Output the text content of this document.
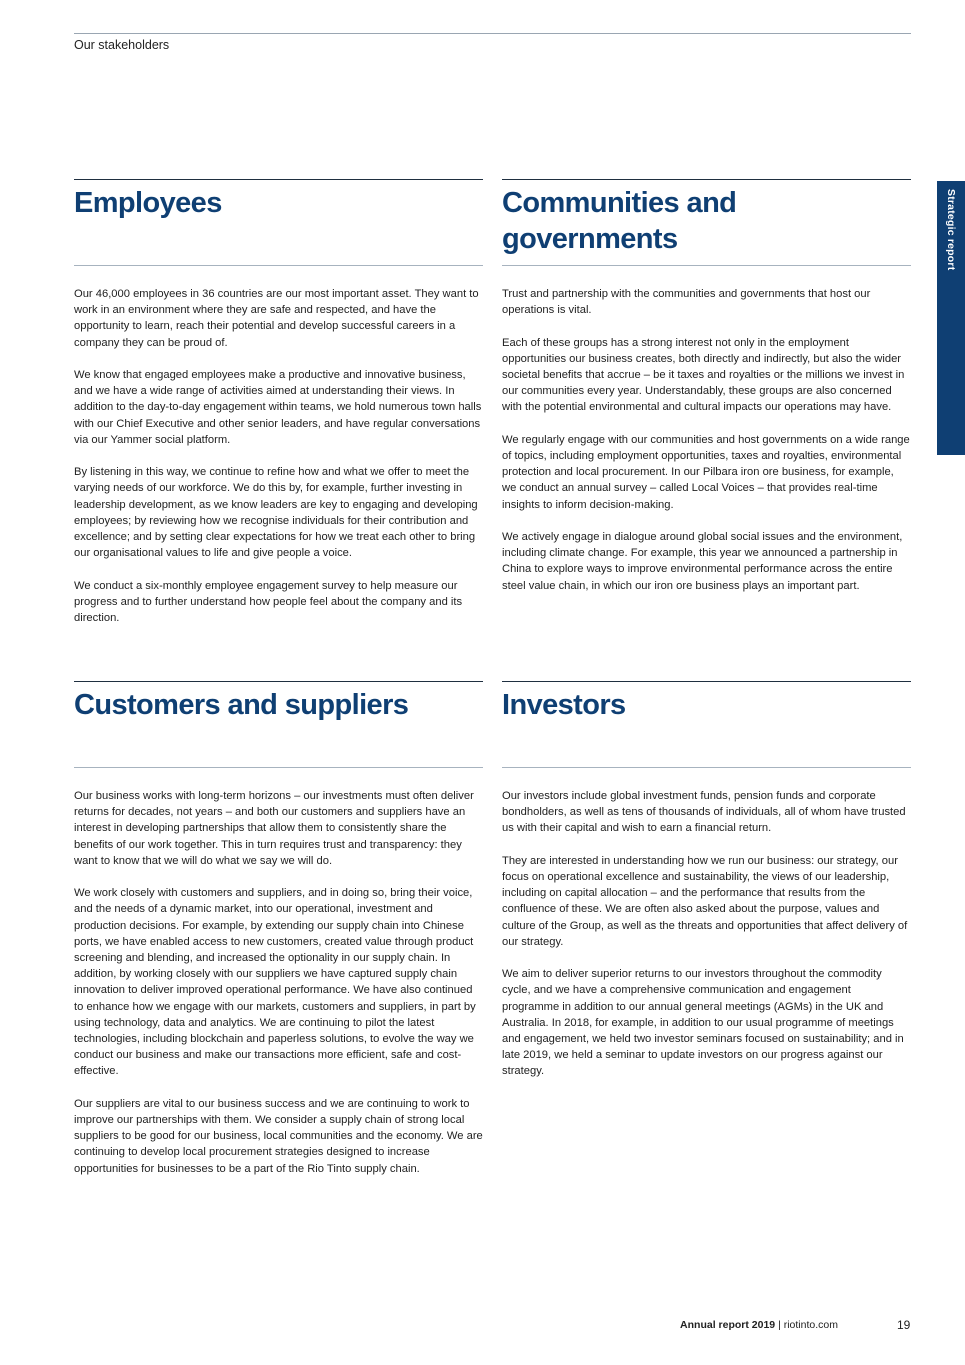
Our stakeholders
Strategic report
Employees

Our 46,000 employees in 36 countries are our most important asset. They want to work in an environment where they are safe and respected, and have the opportunity to learn, reach their potential and develop successful careers in a company they can be proud of.

We know that engaged employees make a productive and innovative business, and we have a wide range of activities aimed at understanding their views. In addition to the day-to-day engagement within teams, we hold numerous town halls with our Chief Executive and other senior leaders, and have regular conversations via our Yammer social platform.

By listening in this way, we continue to refine how and what we offer to meet the varying needs of our workforce. We do this by, for example, further investing in leadership development, as we know leaders are key to engaging and developing employees; by reviewing how we recognise individuals for their contribution and excellence; and by setting clear expectations for how we treat each other to bring our organisational values to life and give people a voice.

We conduct a six-monthly employee engagement survey to help measure our progress and to further understand how people feel about the company and its direction.

Communities and governments

Trust and partnership with the communities and governments that host our operations is vital.

Each of these groups has a strong interest not only in the employment opportunities our business creates, both directly and indirectly, but also the wider societal benefits that accrue – be it taxes and royalties or the millions we invest in our communities every year. Understandably, these groups are also concerned with the potential environmental and cultural impacts our operations may have.

We regularly engage with our communities and host governments on a wide range of topics, including employment opportunities, taxes and royalties, environmental protection and local procurement. In our Pilbara iron ore business, for example, we conduct an annual survey – called Local Voices – that provides real-time insights to inform decision-making.

We actively engage in dialogue around global social issues and the environment, including climate change. For example, this year we announced a partnership in China to explore ways to improve environmental performance across the entire steel value chain, in which our iron ore business plays an important part.

Customers and suppliers

Our business works with long-term horizons – our investments must often deliver returns for decades, not years – and both our customers and suppliers have an interest in developing partnerships that allow them to consistently share the benefits of our work together. This in turn requires trust and transparency: they want to know that we will do what we say we will do.

We work closely with customers and suppliers, and in doing so, bring their voice, and the needs of a dynamic market, into our operational, investment and production decisions. For example, by extending our supply chain into Chinese ports, we have enabled access to new customers, created value through product screening and blending, and increased the optionality in our supply chain. In addition, by working closely with our suppliers we have captured supply chain innovation to deliver improved operational performance. We have also continued to enhance how we engage with our markets, customers and suppliers, in part by using technology, data and analytics. We are continuing to pilot the latest technologies, including blockchain and paperless solutions, to evolve the way we conduct our business and make our transactions more efficient, safe and cost-effective.

Our suppliers are vital to our business success and we are continuing to work to improve our partnerships with them. We consider a supply chain of strong local suppliers to be good for our business, local communities and the economy. We are continuing to develop local procurement strategies designed to increase opportunities for businesses to be a part of the Rio Tinto supply chain.

Investors

Our investors include global investment funds, pension funds and corporate bondholders, as well as tens of thousands of individuals, all of whom have trusted us with their capital and wish to earn a financial return.

They are interested in understanding how we run our business: our strategy, our focus on operational excellence and sustainability, the views of our leadership, including on capital allocation – and the performance that results from the confluence of these. We are often also asked about the purpose, values and culture of the Group, as well as the threats and opportunities that affect delivery of our strategy.

We aim to deliver superior returns to our investors throughout the commodity cycle, and we have a comprehensive communication and engagement programme in addition to our annual general meetings (AGMs) in the UK and Australia. In 2018, for example, in addition to our usual programme of meetings and engagement, we held two investor seminars focused on sustainability; and in late 2019, we held a seminar to update investors on our progress against our strategy.

Annual report 2019 | riotinto.com	19
